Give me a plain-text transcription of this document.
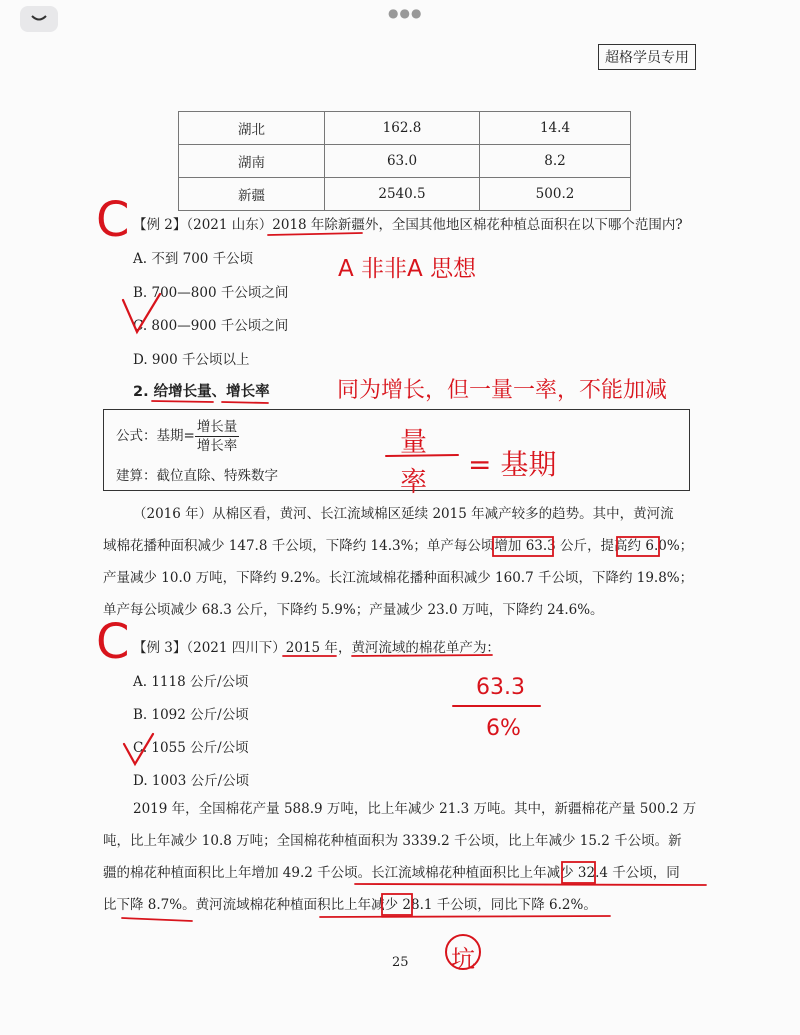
●●●
超格学员专用
湖北	162.8	14.4
湖南	63.0	8.2
新疆	2540.5	500.2
【例 2】（2021 山东）2018 年除新疆外，全国其他地区棉花种植总面积在以下哪个范围内?
A. 不到 700 千公顷
B. 700—800 千公顷之间
C. 800—900 千公顷之间
D. 900 千公顷以上
2. 给增长量、增长率
公式：基期= $\frac{\text{增长量}}{\text{增长率}}$
建算：截位直除、特殊数字
（2016 年）从棉区看，黄河、长江流域棉区延续 2015 年减产较多的趋势。其中，黄河流
域棉花播种面积减少 147.8 千公顷，下降约 14.3%；单产每公顷增加 63.3 公斤，提高约 6.0%；
产量减少 10.0 万吨，下降约 9.2%。长江流域棉花播种面积减少 160.7 千公顷，下降约 19.8%；
单产每公顷减少 68.3 公斤，下降约 5.9%；产量减少 23.0 万吨，下降约 24.6%。
【例 3】（2021 四川下）2015 年，黄河流域的棉花单产为：
A. 1118 公斤/公顷
B. 1092 公斤/公顷
C. 1055 公斤/公顷
D. 1003 公斤/公顷
2019 年，全国棉花产量 588.9 万吨，比上年减少 21.3 万吨。其中，新疆棉花产量 500.2 万
吨，比上年减少 10.8 万吨；全国棉花种植面积为 3339.2 千公顷，比上年减少 15.2 千公顷。新
疆的棉花种植面积比上年增加 49.2 千公顷。长江流域棉花种植面积比上年减少 32.4 千公顷，同
比下降 8.7%。黄河流域棉花种植面积比上年减少 28.1 千公顷，同比下降 6.2%。
25
C
A 非非A 思想
同为增长，但一量一率，不能加减
量
率
= 基期
C
63.3
6%
坑
